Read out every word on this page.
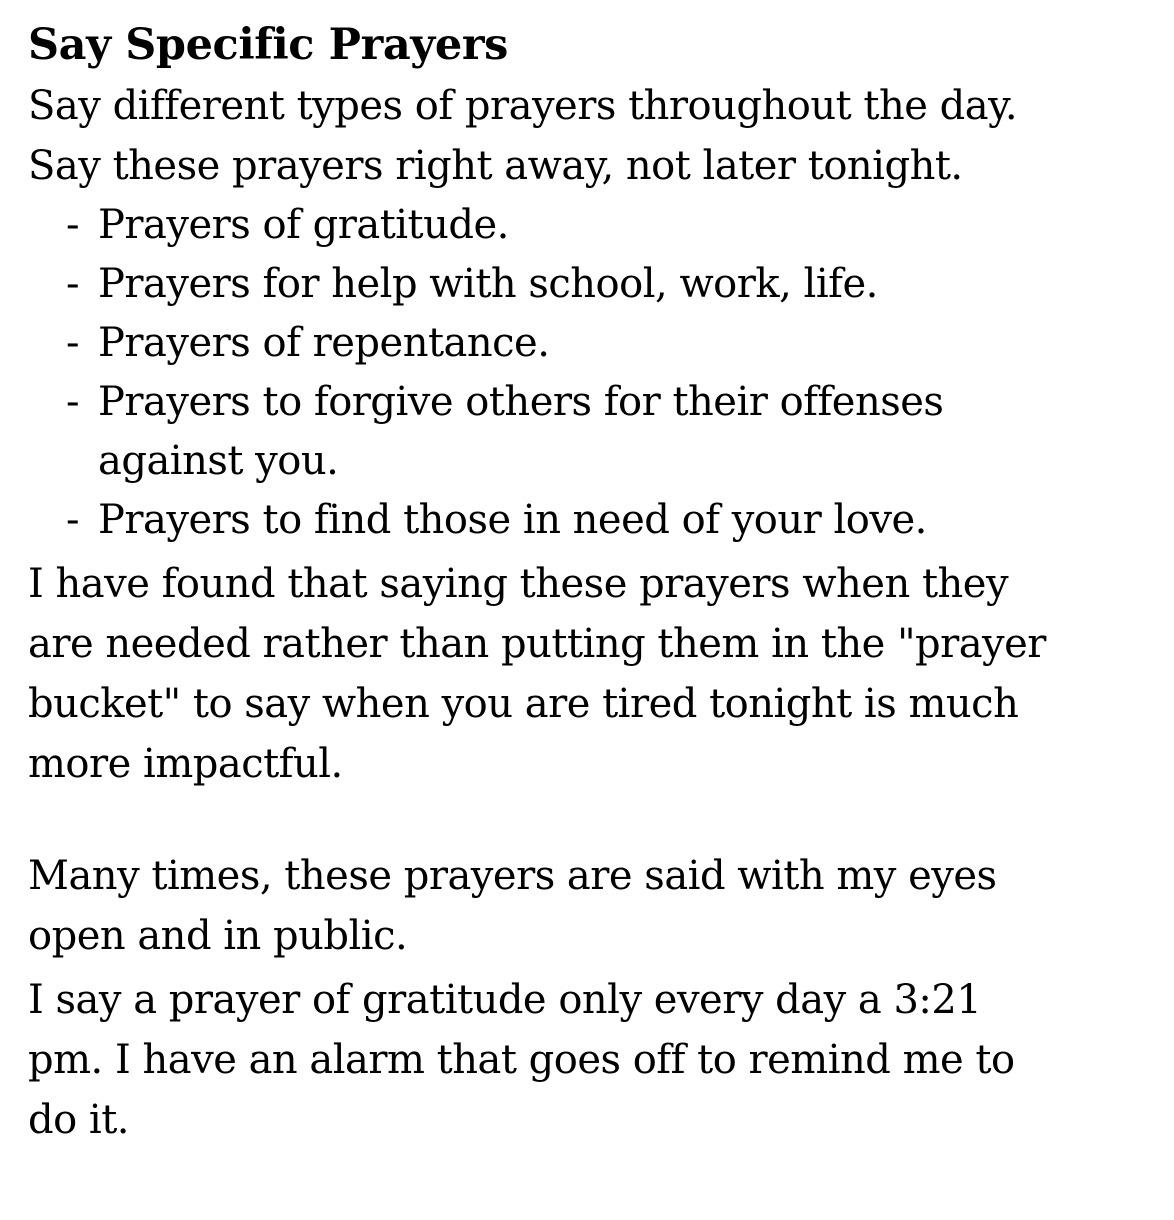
Say Specific Prayers

Say different types of prayers throughout the day.

Say these prayers right away, not later tonight.

- Prayers of gratitude.
- Prayers for help with school, work, life.
- Prayers of repentance.
- Prayers to forgive others for their offenses against you.
- Prayers to find those in need of your love.

I have found that saying these prayers when they are needed rather than putting them in the "prayer bucket" to say when you are tired tonight is much more impactful.

Many times, these prayers are said with my eyes open and in public.

I say a prayer of gratitude only every day a 3:21 pm. I have an alarm that goes off to remind me to do it.
